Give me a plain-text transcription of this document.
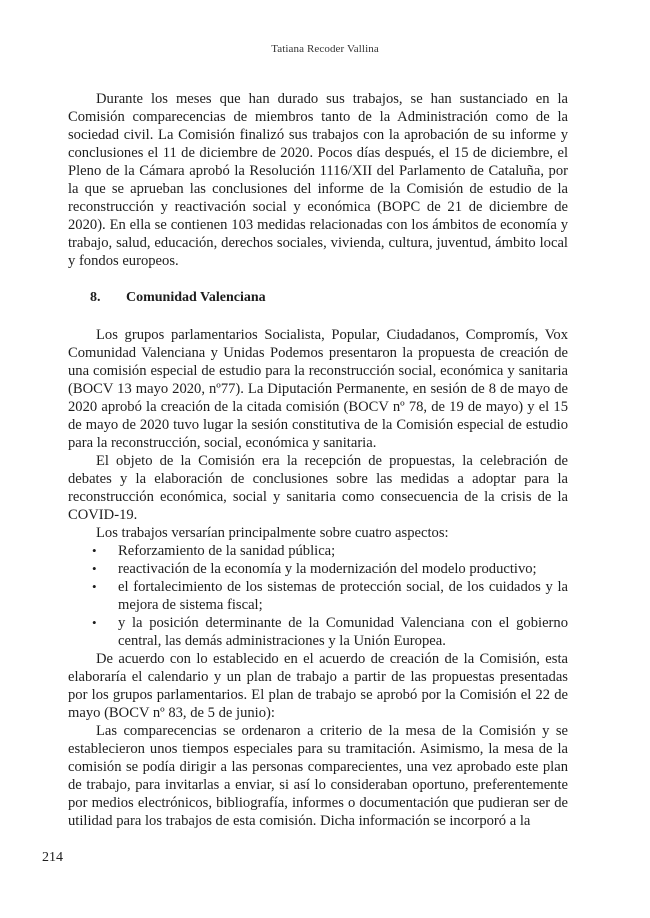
Tatiana Recoder Vallina

Durante los meses que han durado sus trabajos, se han sustanciado en la Comisión comparecencias de miembros tanto de la Administración como de la sociedad civil. La Comisión finalizó sus trabajos con la aprobación de su informe y conclusiones el 11 de diciembre de 2020. Pocos días después, el 15 de diciembre, el Pleno de la Cámara aprobó la Resolución 1116/XII del Parlamento de Cataluña, por la que se aprueban las conclusiones del informe de la Comisión de estudio de la reconstrucción y reactivación social y económica (BOPC de 21 de diciembre de 2020). En ella se contienen 103 medidas relacionadas con los ámbitos de economía y trabajo, salud, educación, derechos sociales, vivienda, cultura, juventud, ámbito local y fondos europeos.

8. Comunidad Valenciana

Los grupos parlamentarios Socialista, Popular, Ciudadanos, Compromís, Vox Comunidad Valenciana y Unidas Podemos presentaron la propuesta de creación de una comisión especial de estudio para la reconstrucción social, económica y sanitaria (BOCV 13 mayo 2020, nº77). La Diputación Permanente, en sesión de 8 de mayo de 2020 aprobó la creación de la citada comisión (BOCV nº 78, de 19 de mayo) y el 15 de mayo de 2020 tuvo lugar la sesión constitutiva de la Comisión especial de estudio para la reconstrucción, social, económica y sanitaria.

El objeto de la Comisión era la recepción de propuestas, la celebración de debates y la elaboración de conclusiones sobre las medidas a adoptar para la reconstrucción económica, social y sanitaria como consecuencia de la crisis de la COVID-19.

Los trabajos versarían principalmente sobre cuatro aspectos:

• Reforzamiento de la sanidad pública;
• reactivación de la economía y la modernización del modelo productivo;
• el fortalecimiento de los sistemas de protección social, de los cuidados y la mejora de sistema fiscal;
• y la posición determinante de la Comunidad Valenciana con el gobierno central, las demás administraciones y la Unión Europea.

De acuerdo con lo establecido en el acuerdo de creación de la Comisión, esta elaboraría el calendario y un plan de trabajo a partir de las propuestas presentadas por los grupos parlamentarios. El plan de trabajo se aprobó por la Comisión el 22 de mayo (BOCV nº 83, de 5 de junio):

Las comparecencias se ordenaron a criterio de la mesa de la Comisión y se establecieron unos tiempos especiales para su tramitación. Asimismo, la mesa de la comisión se podía dirigir a las personas comparecientes, una vez aprobado este plan de trabajo, para invitarlas a enviar, si así lo consideraban oportuno, preferentemente por medios electrónicos, bibliografía, informes o documentación que pudieran ser de utilidad para los trabajos de esta comisión. Dicha información se incorporó a la

214
